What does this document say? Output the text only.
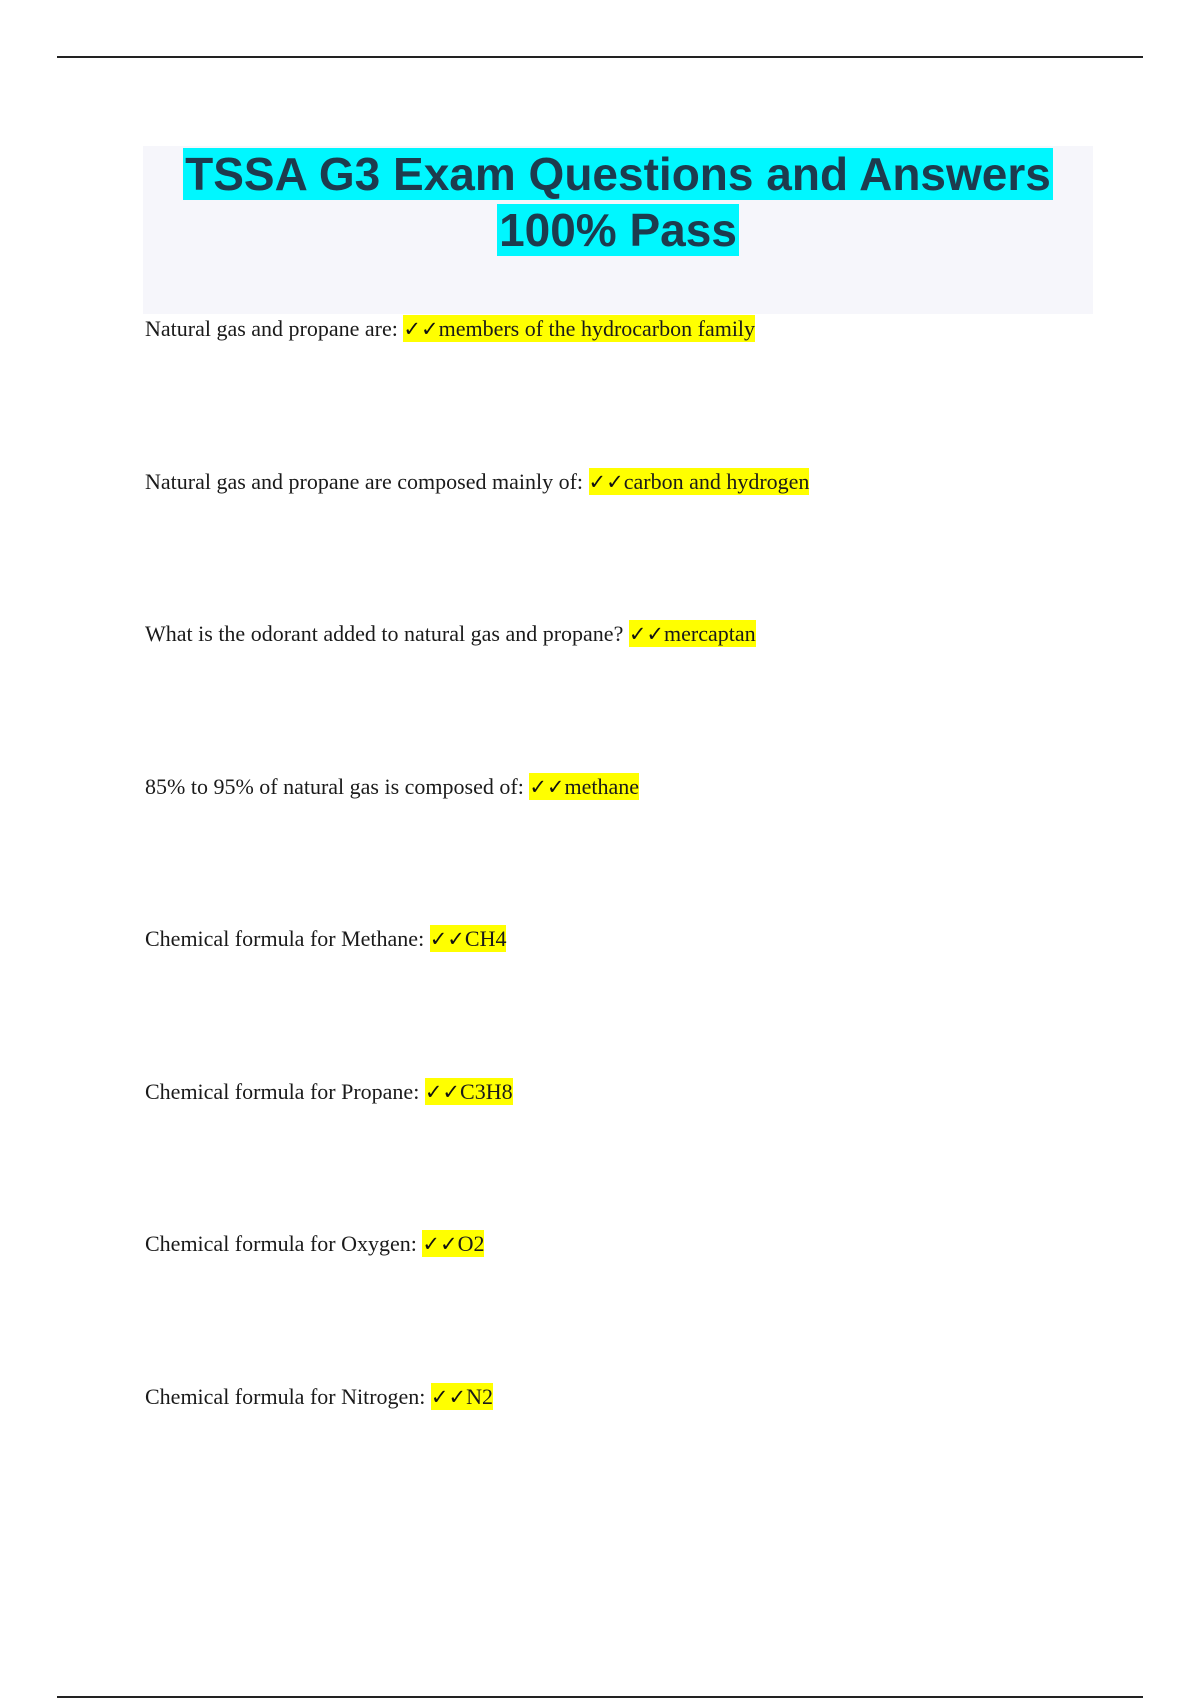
TSSA G3 Exam Questions and Answers
100% Pass
Natural gas and propane are: ✓✓members of the hydrocarbon family
Natural gas and propane are composed mainly of: ✓✓carbon and hydrogen
What is the odorant added to natural gas and propane? ✓✓mercaptan
85% to 95% of natural gas is composed of: ✓✓methane
Chemical formula for Methane: ✓✓CH4
Chemical formula for Propane: ✓✓C3H8
Chemical formula for Oxygen: ✓✓O2
Chemical formula for Nitrogen: ✓✓N2
